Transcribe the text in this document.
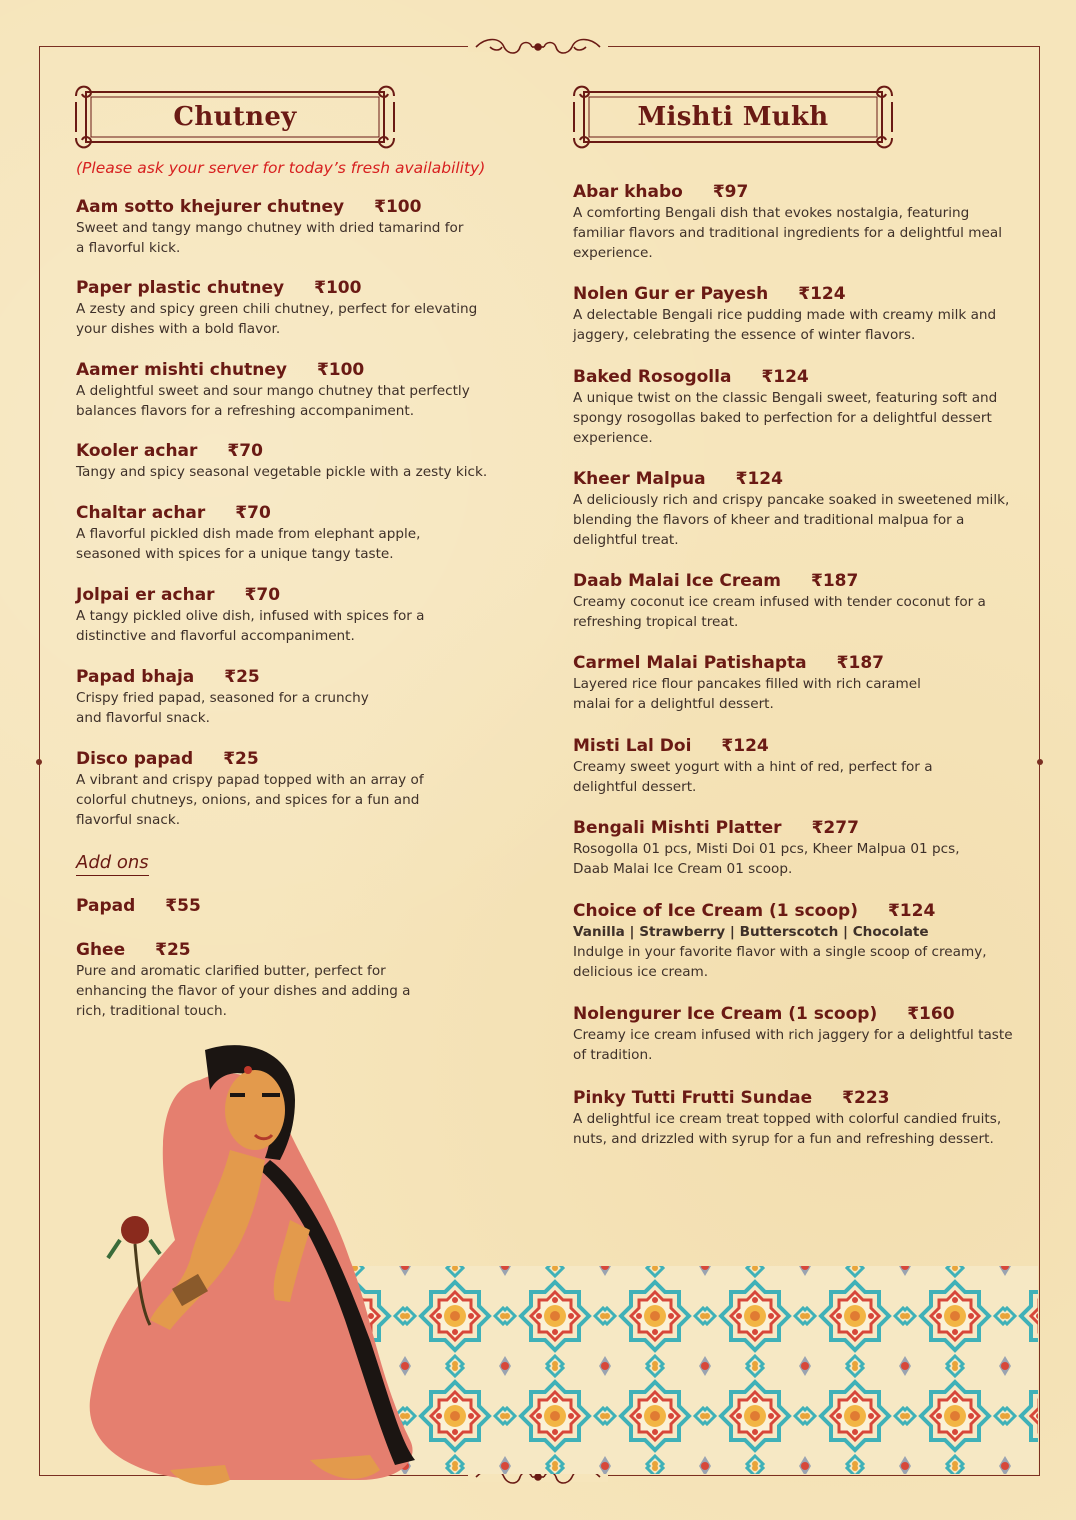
Chutney
(Please ask your server for today’s fresh availability)
Aam sotto khejurer chutney ₹100
Sweet and tangy mango chutney with dried tamarind for a flavorful kick.
Paper plastic chutney ₹100
A zesty and spicy green chili chutney, perfect for elevating your dishes with a bold flavor.
Aamer mishti chutney ₹100
A delightful sweet and sour mango chutney that perfectly balances flavors for a refreshing accompaniment.
Kooler achar ₹70
Tangy and spicy seasonal vegetable pickle with a zesty kick.
Chaltar achar ₹70
A flavorful pickled dish made from elephant apple, seasoned with spices for a unique tangy taste.
Jolpai er achar ₹70
A tangy pickled olive dish, infused with spices for a distinctive and flavorful accompaniment.
Papad bhaja ₹25
Crispy fried papad, seasoned for a crunchy and flavorful snack.
Disco papad ₹25
A vibrant and crispy papad topped with an array of colorful chutneys, onions, and spices for a fun and flavorful snack.
Add ons
Papad ₹55
Ghee ₹25
Pure and aromatic clarified butter, perfect for enhancing the flavor of your dishes and adding a rich, traditional touch.
Mishti Mukh
Abar khabo ₹97
A comforting Bengali dish that evokes nostalgia, featuring familiar flavors and traditional ingredients for a delightful meal experience.
Nolen Gur er Payesh ₹124
A delectable Bengali rice pudding made with creamy milk and jaggery, celebrating the essence of winter flavors.
Baked Rosogolla ₹124
A unique twist on the classic Bengali sweet, featuring soft and spongy rosogollas baked to perfection for a delightful dessert experience.
Kheer Malpua ₹124
A deliciously rich and crispy pancake soaked in sweetened milk, blending the flavors of kheer and traditional malpua for a delightful treat.
Daab Malai Ice Cream ₹187
Creamy coconut ice cream infused with tender coconut for a refreshing tropical treat.
Carmel Malai Patishapta ₹187
Layered rice flour pancakes filled with rich caramel malai for a delightful dessert.
Misti Lal Doi ₹124
Creamy sweet yogurt with a hint of red, perfect for a delightful dessert.
Bengali Mishti Platter ₹277
Rosogolla 01 pcs, Misti Doi 01 pcs, Kheer Malpua 01 pcs, Daab Malai Ice Cream 01 scoop.
Choice of Ice Cream (1 scoop) ₹124
Vanilla | Strawberry | Butterscotch | Chocolate
Indulge in your favorite flavor with a single scoop of creamy, delicious ice cream.
Nolengurer Ice Cream (1 scoop) ₹160
Creamy ice cream infused with rich jaggery for a delightful taste of tradition.
Pinky Tutti Frutti Sundae ₹223
A delightful ice cream treat topped with colorful candied fruits, nuts, and drizzled with syrup for a fun and refreshing dessert.
